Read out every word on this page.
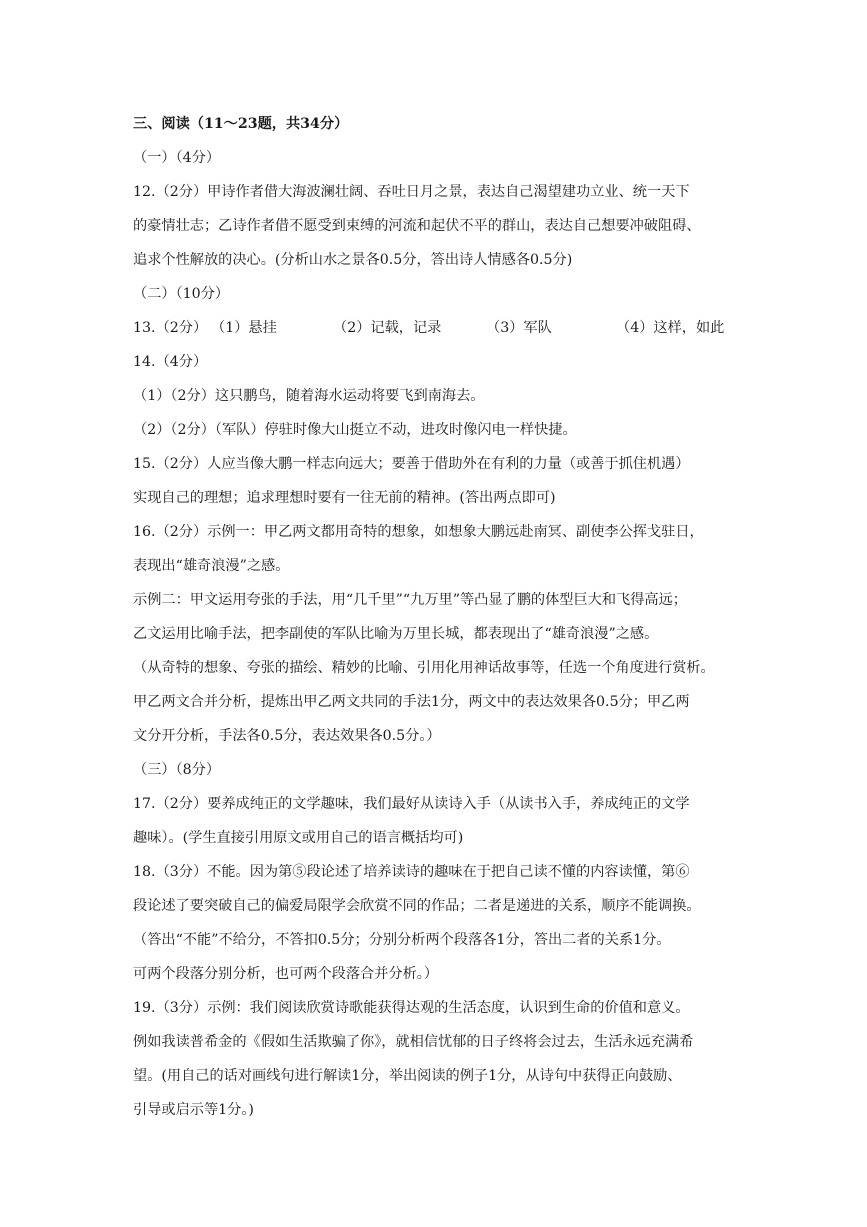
三、阅读（11～23题，共34分）
（一）（4分）
12.（2分）甲诗作者借大海波澜壮阔、吞吐日月之景，表达自己渴望建功立业、统一天下
的豪情壮志；乙诗作者借不愿受到束缚的河流和起伏不平的群山，表达自己想要冲破阻碍、
追求个性解放的决心。(分析山水之景各0.5分，答出诗人情感各0.5分)
（二）（10分）
13.（2分） （1）悬挂	（2）记载，记录	（3）军队	（4）这样，如此
14.（4分）
（1）（2分）这只鹏鸟，随着海水运动将要飞到南海去。
（2）（2分）（军队）停驻时像大山挺立不动，进攻时像闪电一样快捷。
15.（2分）人应当像大鹏一样志向远大；要善于借助外在有利的力量（或善于抓住机遇）
实现自己的理想；追求理想时要有一往无前的精神。(答出两点即可)
16.（2分）示例一：甲乙两文都用奇特的想象，如想象大鹏远赴南冥、副使李公挥戈驻日，
表现出“雄奇浪漫”之感。
示例二：甲文运用夸张的手法，用“几千里”“九万里”等凸显了鹏的体型巨大和飞得高远；
乙文运用比喻手法，把李副使的军队比喻为万里长城，都表现出了“雄奇浪漫”之感。
（从奇特的想象、夸张的描绘、精妙的比喻、引用化用神话故事等，任选一个角度进行赏析。
甲乙两文合并分析，提炼出甲乙两文共同的手法1分，两文中的表达效果各0.5分；甲乙两
文分开分析，手法各0.5分，表达效果各0.5分。）
（三）（8分）
17.（2分）要养成纯正的文学趣味，我们最好从读诗入手（从读书入手，养成纯正的文学
趣味）。(学生直接引用原文或用自己的语言概括均可)
18.（3分）不能。因为第⑤段论述了培养读诗的趣味在于把自己读不懂的内容读懂，第⑥
段论述了要突破自己的偏爱局限学会欣赏不同的作品；二者是递进的关系，顺序不能调换。
（答出“不能”不给分，不答扣0.5分；分别分析两个段落各1分，答出二者的关系1分。
可两个段落分别分析，也可两个段落合并分析。）
19.（3分）示例：我们阅读欣赏诗歌能获得达观的生活态度，认识到生命的价值和意义。
例如我读普希金的《假如生活欺骗了你》，就相信忧郁的日子终将会过去，生活永远充满希
望。(用自己的话对画线句进行解读1分，举出阅读的例子1分，从诗句中获得正向鼓励、
引导或启示等1分。)
